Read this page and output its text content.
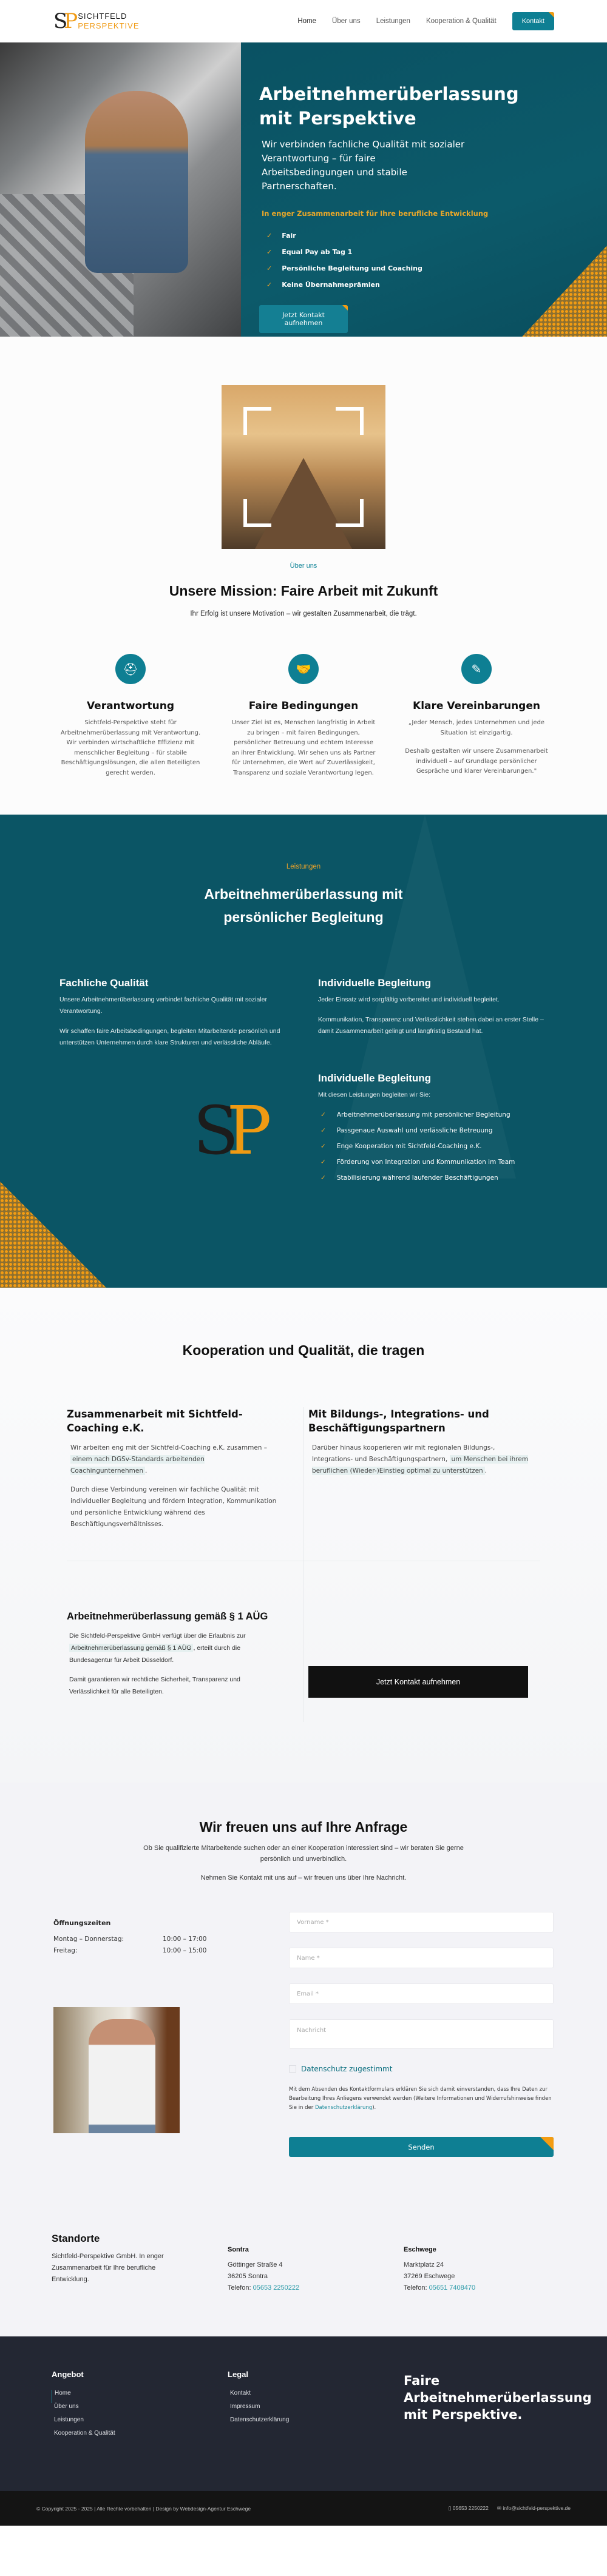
SP SICHTFELD
PERSPEKTIVE	Home Über uns Leistungen Kooperation & Qualität	Kontakt
Arbeitnehmerüberlassung mit Perspektive

Wir verbinden fachliche Qualität mit sozialer Verantwortung – für faire Arbeitsbedingungen und stabile Partnerschaften.

In enger Zusammenarbeit für Ihre berufliche Entwicklung

✓ Fair
✓ Equal Pay ab Tag 1
✓ Persönliche Begleitung und Coaching
✓ Keine Übernahmeprämien
Jetzt Kontakt aufnehmen

Über uns

Unsere Mission: Faire Arbeit mit Zukunft

Ihr Erfolg ist unsere Motivation – wir gestalten Zusammenarbeit, die trägt.

⛑
Verantwortung

Sichtfeld-Perspektive steht für Arbeitnehmerüberlassung mit Verantwortung. Wir verbinden wirtschaftliche Effizienz mit menschlicher Begleitung – für stabile Beschäftigungslösungen, die allen Beteiligten gerecht werden.

🤝
Faire Bedingungen

Unser Ziel ist es, Menschen langfristig in Arbeit zu bringen – mit fairen Bedingungen, persönlicher Betreuung und echtem Interesse an ihrer Entwicklung. Wir sehen uns als Partner für Unternehmen, die Wert auf Zuverlässigkeit, Transparenz und soziale Verantwortung legen.

✎
Klare Vereinbarungen

„Jeder Mensch, jedes Unternehmen und jede Situation ist einzigartig.

Deshalb gestalten wir unsere Zusammenarbeit individuell – auf Grundlage persönlicher Gespräche und klarer Vereinbarungen."

Leistungen

Arbeitnehmerüberlassung mit
persönlicher Begleitung
Fachliche Qualität

Unsere Arbeitnehmerüberlassung verbindet fachliche Qualität mit sozialer Verantwortung.

Wir schaffen faire Arbeitsbedingungen, begleiten Mitarbeitende persönlich und unterstützen Unternehmen durch klare Strukturen und verlässliche Abläufe.

SP
Individuelle Begleitung

Jeder Einsatz wird sorgfältig vorbereitet und individuell begleitet.

Kommunikation, Transparenz und Verlässlichkeit stehen dabei an erster Stelle – damit Zusammenarbeit gelingt und langfristig Bestand hat.

Individuelle Begleitung

Mit diesen Leistungen begleiten wir Sie:

✓ Arbeitnehmerüberlassung mit persönlicher Begleitung
✓ Passgenaue Auswahl und verlässliche Betreuung
✓ Enge Kooperation mit Sichtfeld-Coaching e.K.
✓ Förderung von Integration und Kommunikation im Team
✓ Stabilisierung während laufender Beschäftigungen
Kooperation und Qualität, die tragen
Zusammenarbeit mit Sichtfeld-Coaching e.K.

Wir arbeiten eng mit der Sichtfeld-Coaching e.K. zusammen – einem nach DGSv-Standards arbeitenden Coachingunternehmen .

Durch diese Verbindung vereinen wir fachliche Qualität mit individueller Begleitung und fördern Integration, Kommunikation und persönliche Entwicklung während des Beschäftigungsverhältnisses.

Mit Bildungs-, Integrations- und Beschäftigungspartnern

Darüber hinaus kooperieren wir mit regionalen Bildungs-, Integrations- und Beschäftigungspartnern, um Menschen bei ihrem beruflichen (Wieder-)Einstieg optimal zu unterstützen .

Arbeitnehmerüberlassung gemäß § 1 AÜG

Die Sichtfeld-Perspektive GmbH verfügt über die Erlaubnis zur Arbeitnehmerüberlassung gemäß § 1 AÜG , erteilt durch die Bundesagentur für Arbeit Düsseldorf.

Damit garantieren wir rechtliche Sicherheit, Transparenz und Verlässlichkeit für alle Beteiligten.

Jetzt Kontakt aufnehmen
Wir freuen uns auf Ihre Anfrage

Ob Sie qualifizierte Mitarbeitende suchen oder an einer Kooperation interessiert sind – wir beraten Sie gerne persönlich und unverbindlich.

Nehmen Sie Kontakt mit uns auf – wir freuen uns über Ihre Nachricht.

Öffnungszeiten
Montag – Donnerstag:	10:00 – 17:00
Freitag:	10:00 – 15:00
Vorname *
Name *
Email *
Nachricht
Datenschutz zugestimmt

Mit dem Absenden des Kontaktformulars erklären Sie sich damit einverstanden, dass Ihre Daten zur Bearbeitung Ihres Anliegens verwendet werden (Weitere Informationen und Widerrufshinweise finden Sie in der Datenschutzerklärung).

Senden
Standorte

Sichtfeld-Perspektive GmbH. In enger Zusammenarbeit für Ihre berufliche Entwicklung.

Sontra

Göttinger Straße 4
36205 Sontra
Telefon: 05653 2250222

Eschwege

Marktplatz 24
37269 Eschwege
Telefon: 05651 7408470

Angebot
Home
Über uns
Leistungen
Kooperation & Qualität
Legal
Kontakt
Impressum
Datenschutzerklärung

Faire Arbeitnehmerüberlassung mit Perspektive.

© Copyright 2025 - 2025 | Alle Rechte vorbehalten | Design by Webdesign-Agentur Eschwege	▯ 05653 2250222 ✉ info@sichtfeld-perspektive.de
